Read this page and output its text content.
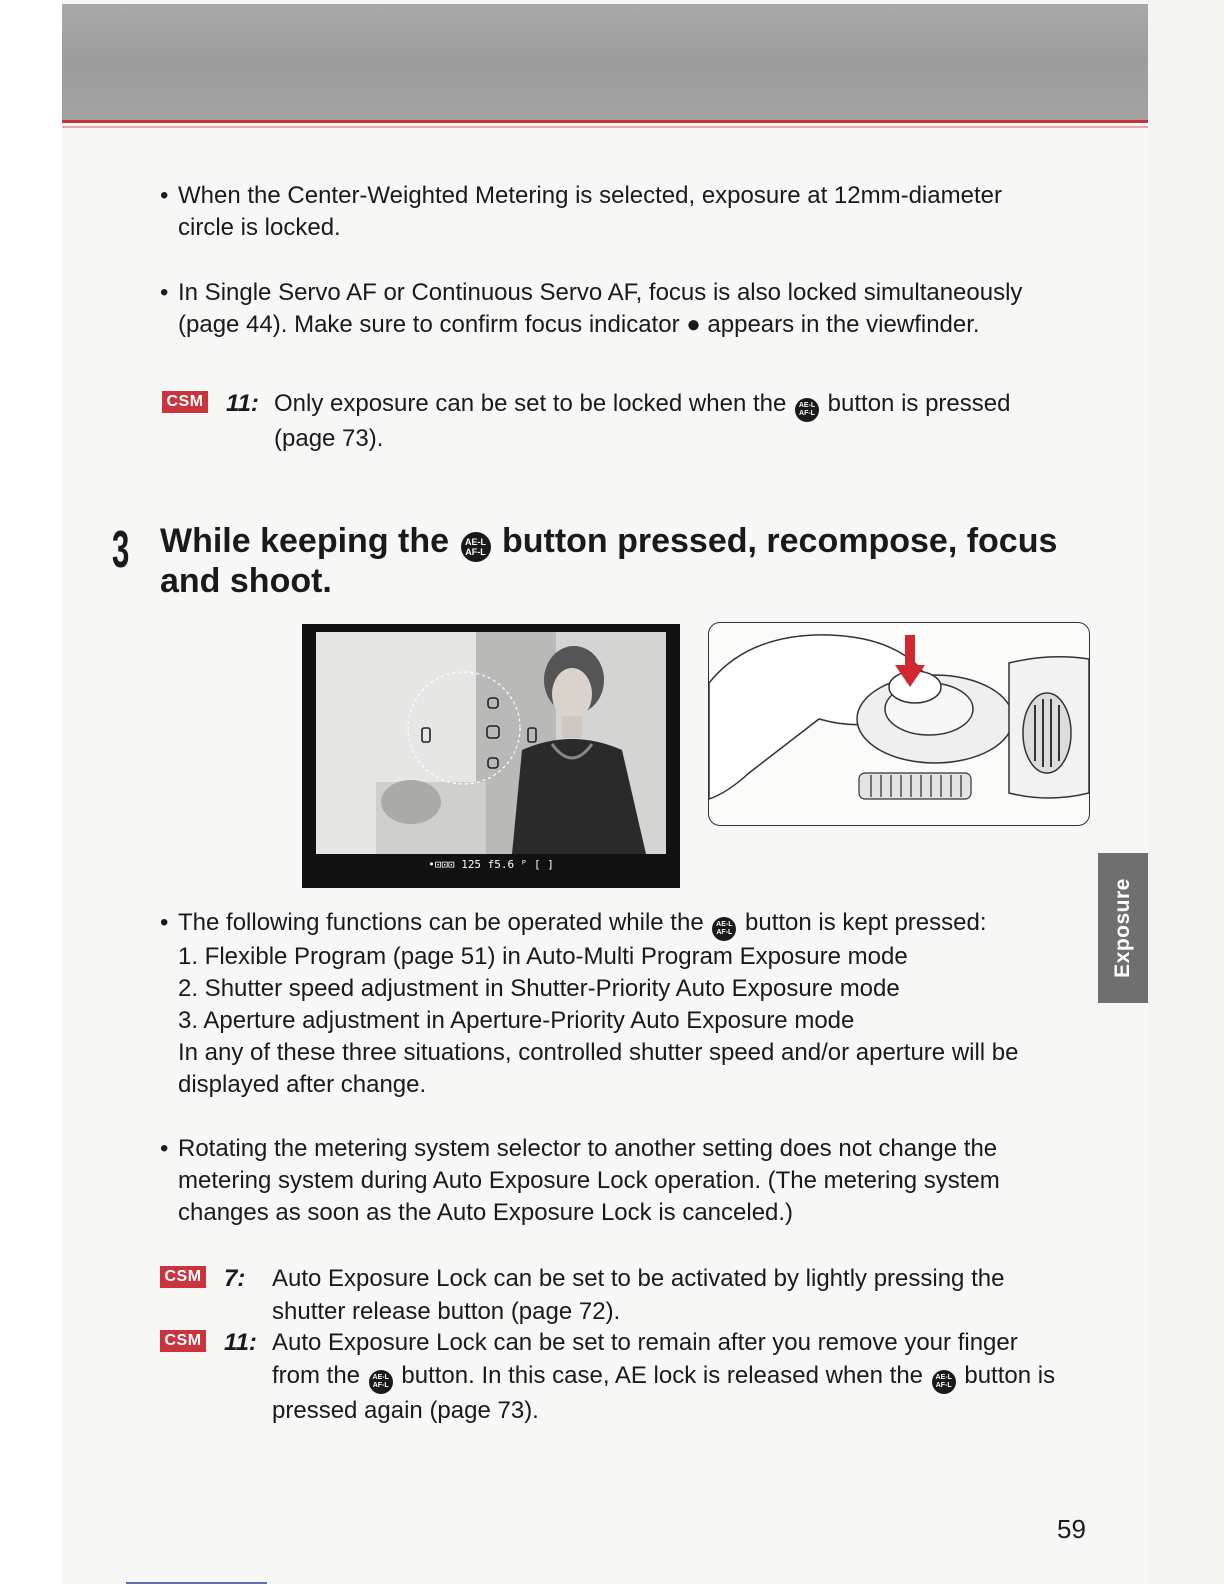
Exposure
• When the Center-Weighted Metering is selected, exposure at 12mm-diameter circle is locked.
• In Single Servo AF or Continuous Servo AF, focus is also locked simultaneously (page 44). Make sure to confirm focus indicator ● appears in the viewfinder.
CSM 11: Only exposure can be set to be locked when the AE-L
AF-L button is pressed (page 73).
3 While keeping the AE-L
AF-L button pressed, recompose, focus and shoot.
•⊡⊡⊡ 125 f5.6 ᴾ [ ]
• The following functions can be operated while the AE-L
AF-L button is kept pressed:
1. Flexible Program (page 51) in Auto-Multi Program Exposure mode
2. Shutter speed adjustment in Shutter-Priority Auto Exposure mode
3. Aperture adjustment in Aperture-Priority Auto Exposure mode
In any of these three situations, controlled shutter speed and/or aperture will be displayed after change.
• Rotating the metering system selector to another setting does not change the metering system during Auto Exposure Lock operation. (The metering system changes as soon as the Auto Exposure Lock is canceled.)
CSM 7: Auto Exposure Lock can be set to be activated by lightly pressing the shutter release button (page 72).
CSM 11: Auto Exposure Lock can be set to remain after you remove your finger from the AE-L
AF-L button. In this case, AE lock is released when the AE-L
AF-L button is pressed again (page 73).
59
